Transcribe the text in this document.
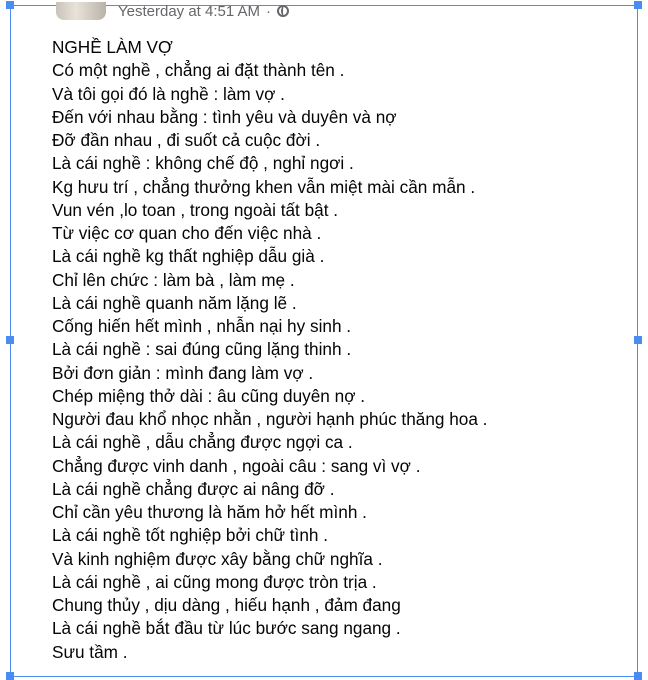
Yesterday at 4:51 AM ·
NGHỀ LÀM VỢ
Có một nghề , chẳng ai đặt thành tên .
Và tôi gọi đó là nghề : làm vợ .
Đến với nhau bằng : tình yêu và duyên và nợ
Đỡ đần nhau , đi suốt cả cuộc đời .
Là cái nghề : không chế độ , nghỉ ngơi .
Kg hưu trí , chẳng thưởng khen vẫn miệt mài cần mẫn .
Vun vén ,lo toan , trong ngoài tất bật .
Từ việc cơ quan cho đến việc nhà .
Là cái nghề kg thất nghiệp dẫu già .
Chỉ lên chức : làm bà , làm mẹ .
Là cái nghề quanh năm lặng lẽ .
Cống hiến hết mình , nhẫn nại hy sinh .
Là cái nghề : sai đúng cũng lặng thinh .
Bởi đơn giản : mình đang làm vợ .
Chép miệng thở dài : âu cũng duyên nợ .
Người đau khổ nhọc nhằn , người hạnh phúc thăng hoa .
Là cái nghề , dẫu chẳng được ngợi ca .
Chẳng được vinh danh , ngoài câu : sang vì vợ .
Là cái nghề chẳng được ai nâng đỡ .
Chỉ cần yêu thương là hăm hở hết mình .
Là cái nghề tốt nghiệp bởi chữ tình .
Và kinh nghiệm được xây bằng chữ nghĩa .
Là cái nghề , ai cũng mong được tròn trịa .
Chung thủy , dịu dàng , hiếu hạnh , đảm đang
Là cái nghề bắt đầu từ lúc bước sang ngang .
Sưu tầm .
